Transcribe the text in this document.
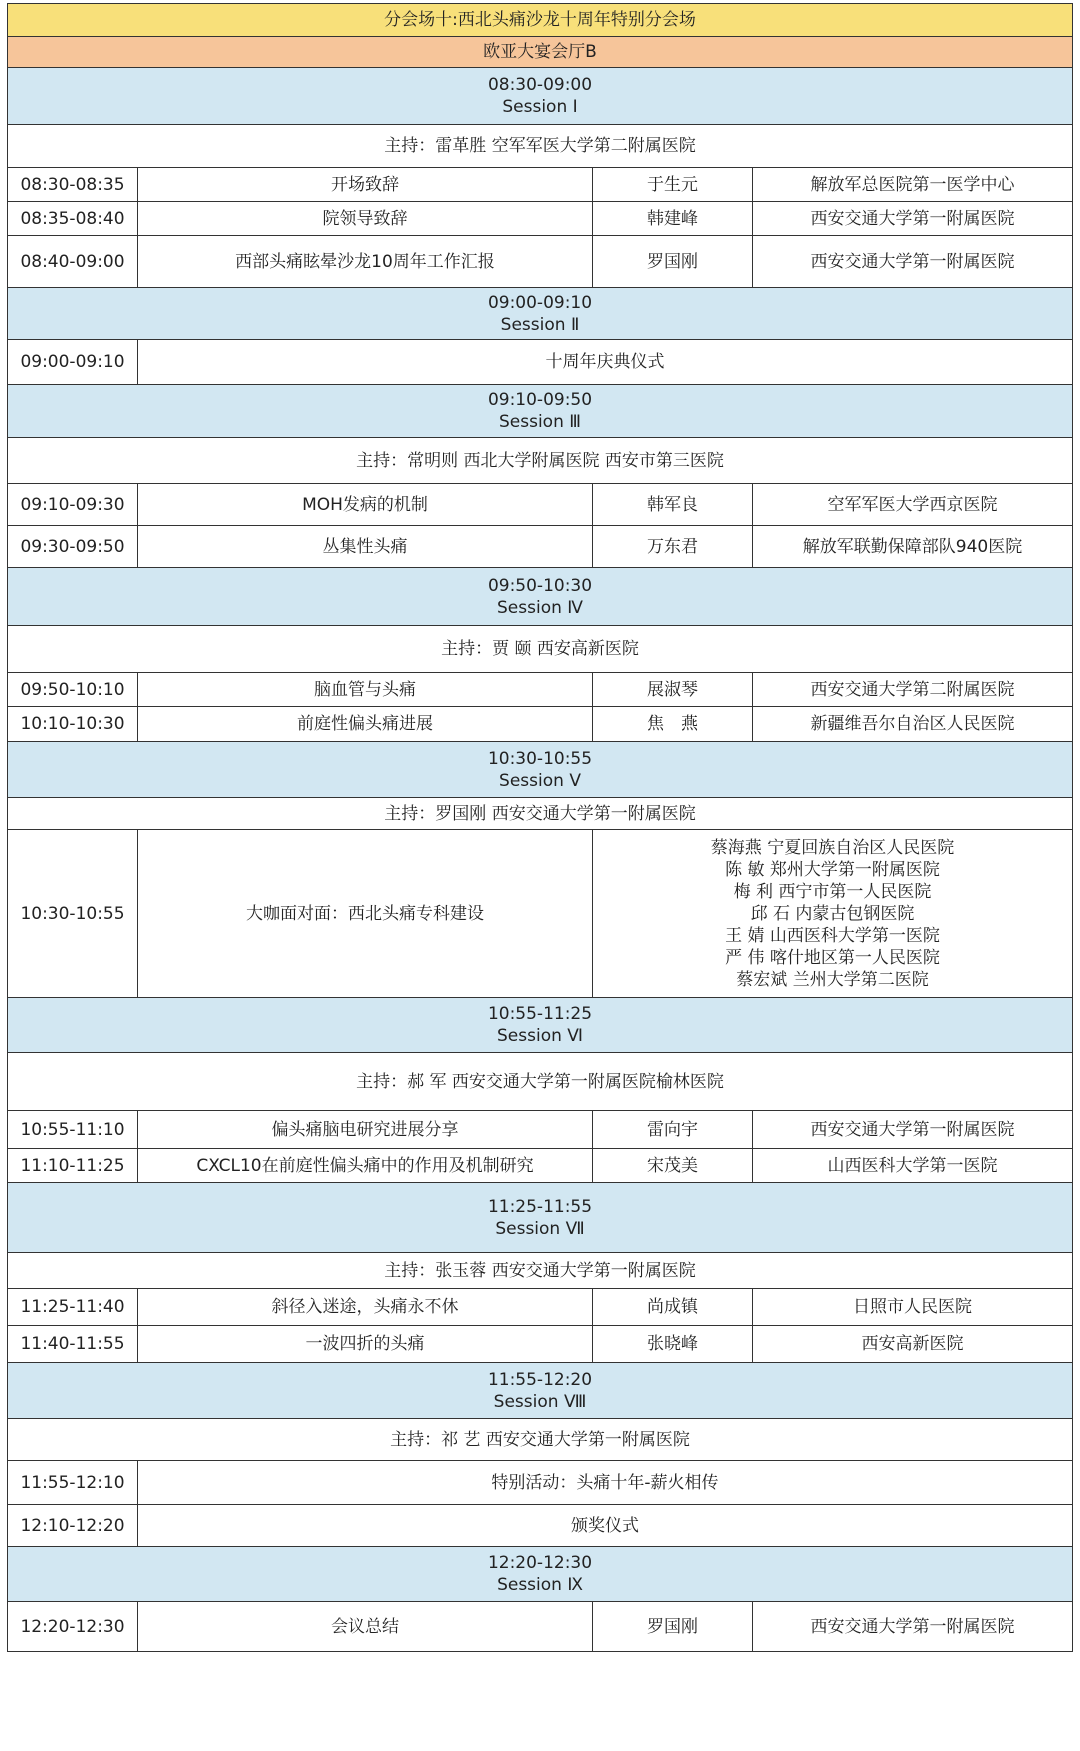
分会场十:西北头痛沙龙十周年特别分会场
欧亚大宴会厅B
08:30-09:00
Session I
主持：雷革胜 空军军医大学第二附属医院
08:30-08:35	开场致辞	于生元	解放军总医院第一医学中心
08:35-08:40	院领导致辞	韩建峰	西安交通大学第一附属医院
08:40-09:00	西部头痛眩晕沙龙10周年工作汇报	罗国刚	西安交通大学第一附属医院
09:00-09:10
Session Ⅱ
09:00-09:10	十周年庆典仪式
09:10-09:50
Session Ⅲ
主持：常明则 西北大学附属医院 西安市第三医院
09:10-09:30	MOH发病的机制	韩军良	空军军医大学西京医院
09:30-09:50	丛集性头痛	万东君	解放军联勤保障部队940医院
09:50-10:30
Session Ⅳ
主持：贾 颐 西安高新医院
09:50-10:10	脑血管与头痛	展淑琴	西安交通大学第二附属医院
10:10-10:30	前庭性偏头痛进展	焦　燕	新疆维吾尔自治区人民医院
10:30-10:55
Session Ⅴ
主持：罗国刚 西安交通大学第一附属医院
10:30-10:55	大咖面对面：西北头痛专科建设
蔡海燕 宁夏回族自治区人民医院
陈 敏 郑州大学第一附属医院
梅 利 西宁市第一人民医院
邱 石 内蒙古包钢医院
王 婧 山西医科大学第一医院
严 伟 喀什地区第一人民医院
蔡宏斌 兰州大学第二医院
10:55-11:25
Session Ⅵ
主持：郝 军 西安交通大学第一附属医院榆林医院
10:55-11:10	偏头痛脑电研究进展分享	雷向宇	西安交通大学第一附属医院
11:10-11:25	CXCL10在前庭性偏头痛中的作用及机制研究	宋茂美	山西医科大学第一医院
11:25-11:55
Session Ⅶ
主持：张玉蓉 西安交通大学第一附属医院
11:25-11:40	斜径入迷途，头痛永不休	尚成镇	日照市人民医院
11:40-11:55	一波四折的头痛	张晓峰	西安高新医院
11:55-12:20
Session Ⅷ
主持：祁 艺 西安交通大学第一附属医院
11:55-12:10	特别活动：头痛十年-薪火相传
12:10-12:20	颁奖仪式
12:20-12:30
Session Ⅸ
12:20-12:30	会议总结	罗国刚	西安交通大学第一附属医院
